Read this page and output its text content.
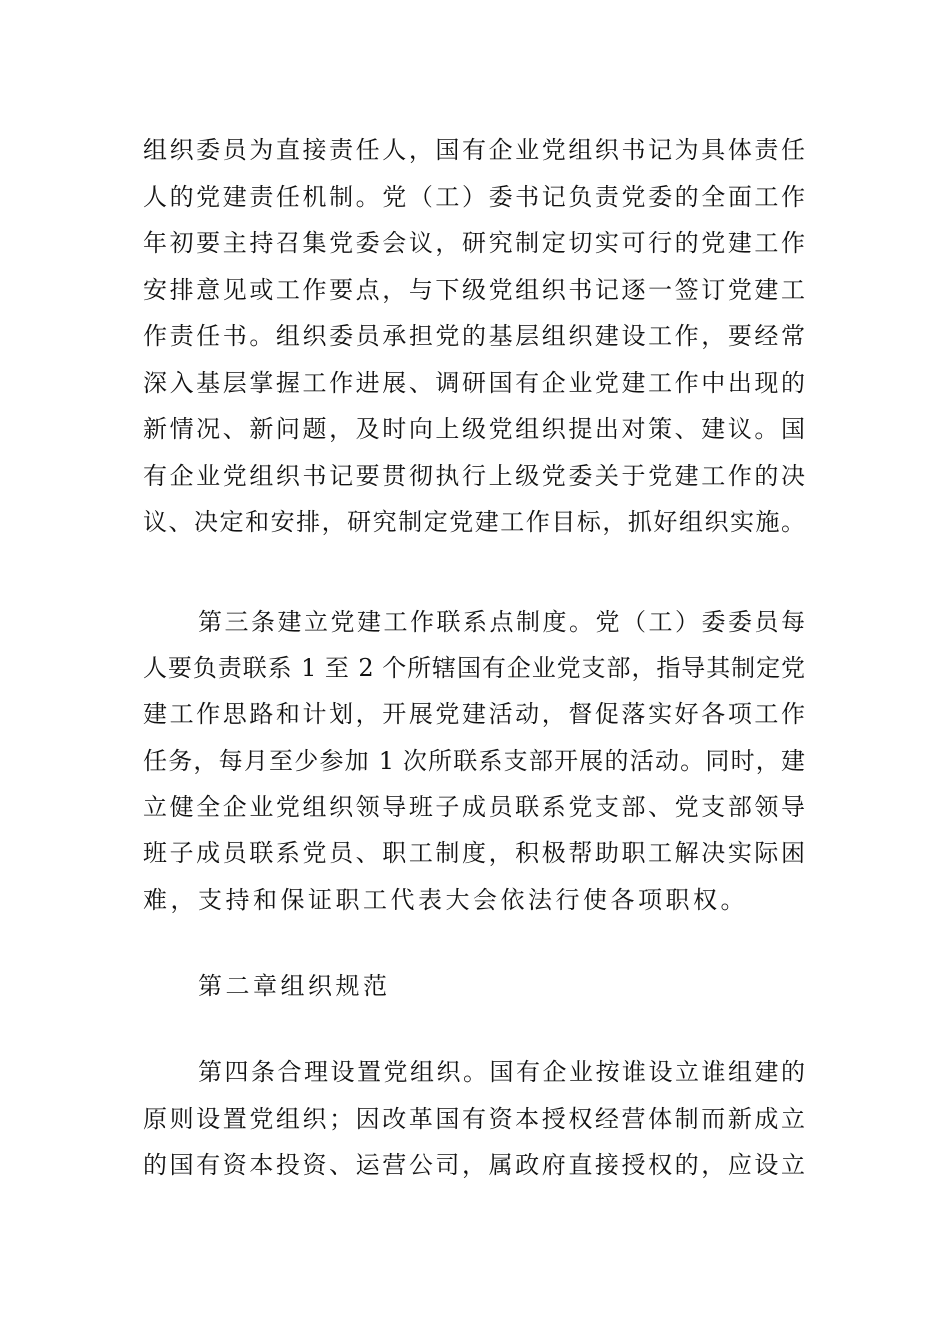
组织委员为直接责任人，国有企业党组织书记为具体责任
人的党建责任机制。党（工）委书记负责党委的全面工作
年初要主持召集党委会议，研究制定切实可行的党建工作
安排意见或工作要点，与下级党组织书记逐一签订党建工
作责任书。组织委员承担党的基层组织建设工作，要经常
深入基层掌握工作进展、调研国有企业党建工作中出现的
新情况、新问题，及时向上级党组织提出对策、建议。国
有企业党组织书记要贯彻执行上级党委关于党建工作的决
议、决定和安排，研究制定党建工作目标，抓好组织实施。
第三条建立党建工作联系点制度。党（工）委委员每
人要负责联系 1 至 2 个所辖国有企业党支部，指导其制定党
建工作思路和计划，开展党建活动，督促落实好各项工作
任务，每月至少参加 1 次所联系支部开展的活动。同时，建
立健全企业党组织领导班子成员联系党支部、党支部领导
班子成员联系党员、职工制度，积极帮助职工解决实际困
难，支持和保证职工代表大会依法行使各项职权。
第二章组织规范
第四条合理设置党组织。国有企业按谁设立谁组建的
原则设置党组织；因改革国有资本授权经营体制而新成立
的国有资本投资、运营公司，属政府直接授权的，应设立
